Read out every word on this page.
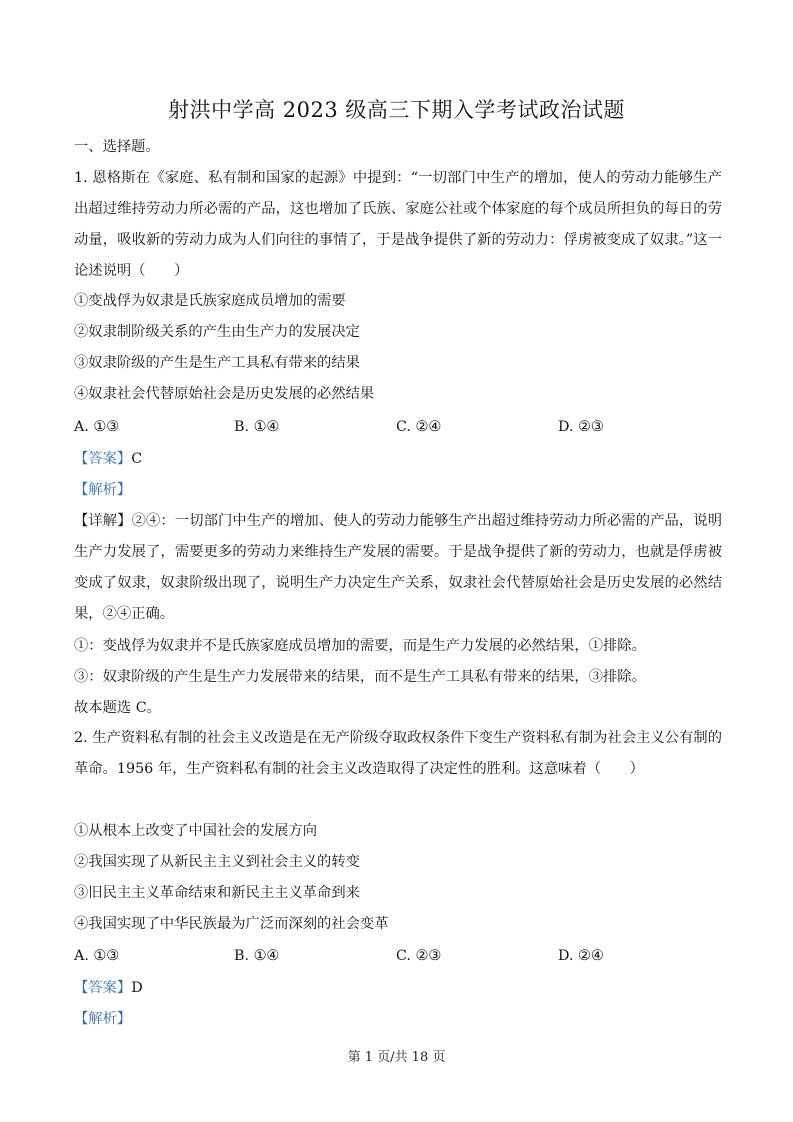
射洪中学高 2023 级高三下期入学考试政治试题
一、选择题。
1. 恩格斯在《家庭、私有制和国家的起源》中提到：“一切部门中生产的增加，使人的劳动力能够生产出超过维持劳动力所必需的产品，这也增加了氏族、家庭公社或个体家庭的每个成员所担负的每日的劳动量，吸收新的劳动力成为人们向往的事情了，于是战争提供了新的劳动力：俘虏被变成了奴隶。”这一论述说明（　　）
①变战俘为奴隶是氏族家庭成员增加的需要
②奴隶制阶级关系的产生由生产力的发展决定
③奴隶阶级的产生是生产工具私有带来的结果
④奴隶社会代替原始社会是历史发展的必然结果
A. ①③	B. ①④	C. ②④	D. ②③
【答案】C
【解析】
【详解】②④：一切部门中生产的增加、使人的劳动力能够生产出超过维持劳动力所必需的产品，说明生产力发展了，需要更多的劳动力来维持生产发展的需要。于是战争提供了新的劳动力，也就是俘虏被变成了奴隶，奴隶阶级出现了，说明生产力决定生产关系，奴隶社会代替原始社会是历史发展的必然结果，②④正确。
①：变战俘为奴隶并不是氏族家庭成员增加的需要，而是生产力发展的必然结果，①排除。
③：奴隶阶级的产生是生产力发展带来的结果，而不是生产工具私有带来的结果，③排除。
故本题选 C。
2. 生产资料私有制的社会主义改造是在无产阶级夺取政权条件下变生产资料私有制为社会主义公有制的革命。1956 年，生产资料私有制的社会主义改造取得了决定性的胜利。这意味着（　　）
①从根本上改变了中国社会的发展方向
②我国实现了从新民主主义到社会主义的转变
③旧民主主义革命结束和新民主主义革命到来
④我国实现了中华民族最为广泛而深刻的社会变革
A. ①③	B. ①④	C. ②③	D. ②④
【答案】D
【解析】
第 1 页/共 18 页
